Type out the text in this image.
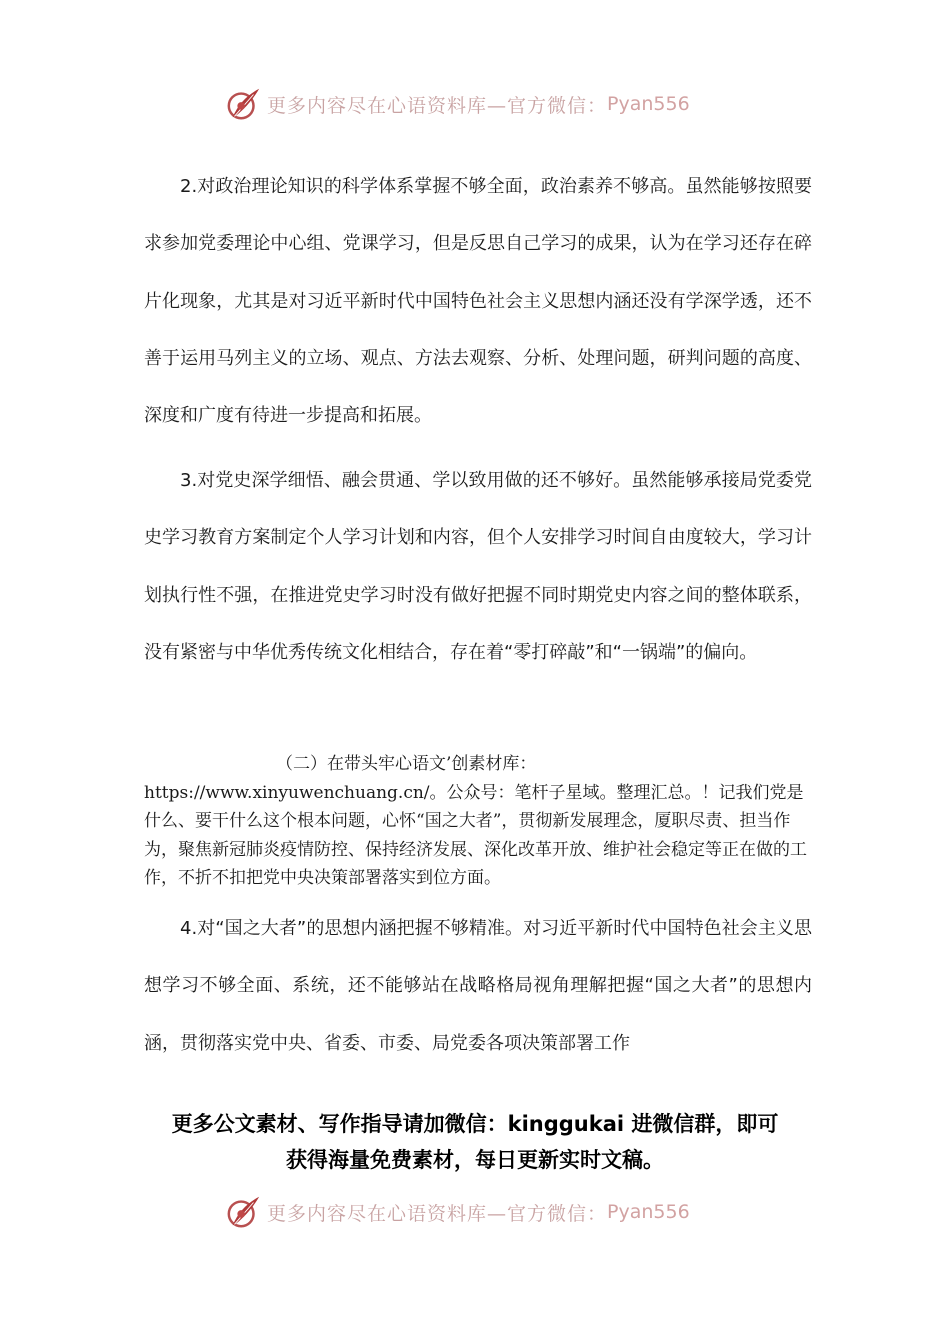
更多内容尽在心语资料库—官方微信： Pyan556

2.对政治理论知识的科学体系掌握不够全面，政治素养不够高。虽然能够按照要求参加党委理论中心组、党课学习，但是反思自己学习的成果，认为在学习还存在碎片化现象，尤其是对习近平新时代中国特色社会主义思想内涵还没有学深学透，还不善于运用马列主义的立场、观点、方法去观察、分析、处理问题，研判问题的高度、深度和广度有待进一步提高和拓展。

3.对党史深学细悟、融会贯通、学以致用做的还不够好。虽然能够承接局党委党史学习教育方案制定个人学习计划和内容，但个人安排学习时间自由度较大，学习计划执行性不强，在推进党史学习时没有做好把握不同时期党史内容之间的整体联系，没有紧密与中华优秀传统文化相结合，存在着“零打碎敲”和“一锅端”的偏向。

（二）在带头牢心语文’创素材库：
https://www.xinyuwenchuang.cn/。公众号：笔杆子星域。整理汇总。！记我们党是什么、要干什么这个根本问题，心怀“国之大者”，贯彻新发展理念，厦职尽责、担当作为，聚焦新冠肺炎疫情防控、保持经济发展、深化改革开放、维护社会稳定等正在做的工作，不折不扣把党中央决策部署落实到位方面。

4.对“国之大者”的思想内涵把握不够精准。对习近平新时代中国特色社会主义思想学习不够全面、系统，还不能够站在战略格局视角理解把握“国之大者”的思想内涵，贯彻落实党中央、省委、市委、局党委各项决策部署工作

更多公文素材、写作指导请加微信：kinggukai 进微信群，即可
获得海量免费素材，每日更新实时文稿。
更多内容尽在心语资料库—官方微信： Pyan556
